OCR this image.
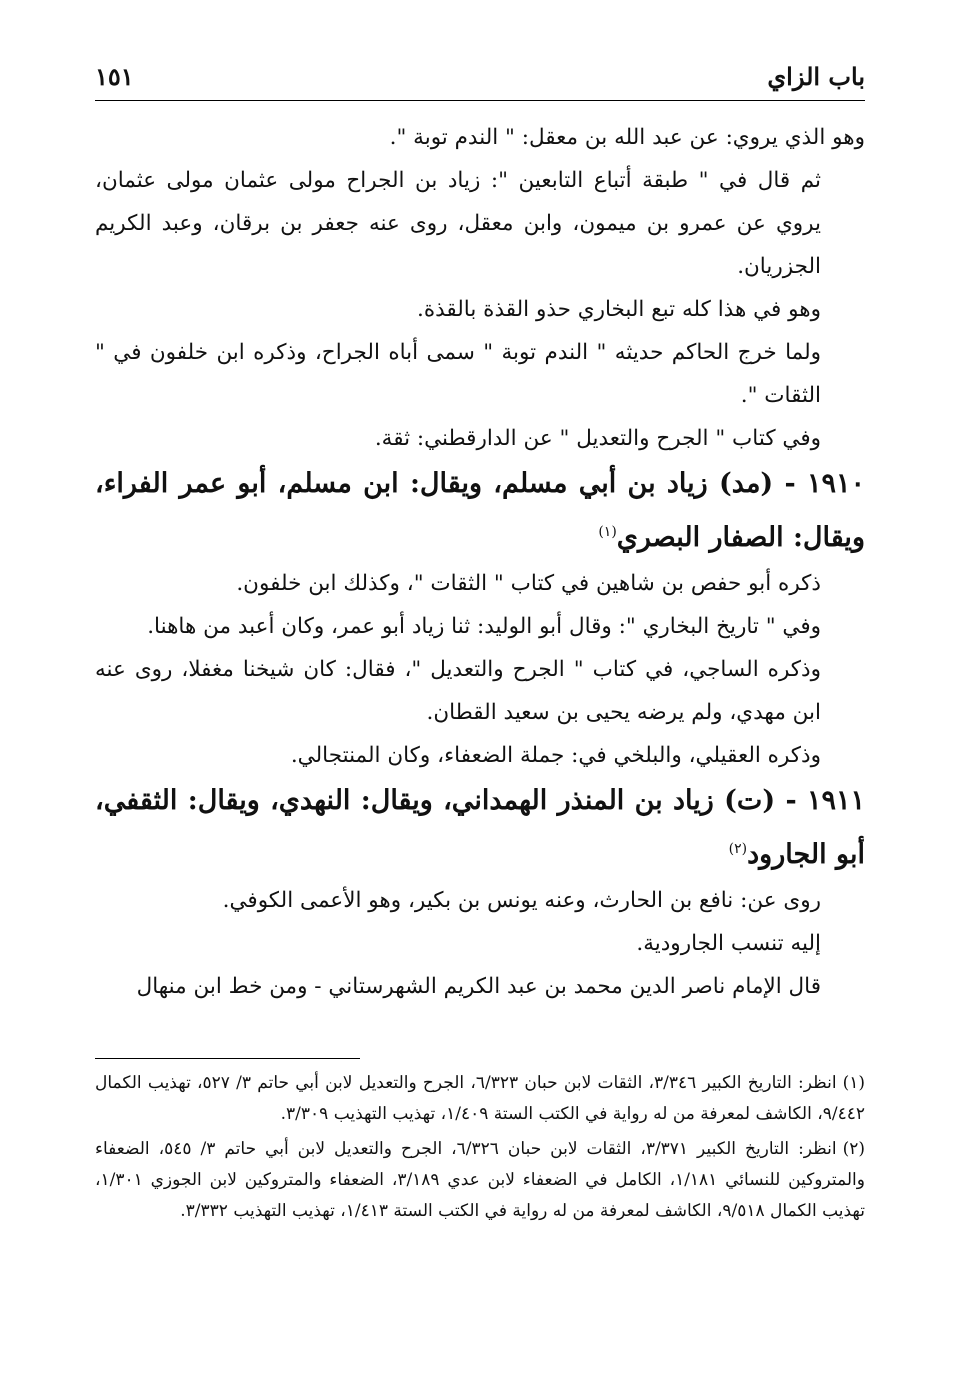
باب الزاي
١٥١

وهو الذي يروي: عن عبد الله بن معقل: " الندم توبة ".

ثم قال في " طبقة أتباع التابعين ": زياد بن الجراح مولى عثمان مولى عثمان، يروي عن عمرو بن ميمون، وابن معقل، روى عنه جعفر بن برقان، وعبد الكريم الجزريان.

وهو في هذا كله تبع البخاري حذو القذة بالقذة.

ولما خرج الحاكم حديثه " الندم توبة " سمى أباه الجراح، وذكره ابن خلفون في " الثقات ".

وفي كتاب " الجرح والتعديل " عن الدارقطني: ثقة.

١٩١٠ - (مد) زياد بن أبي مسلم، ويقال: ابن مسلم، أبو عمر الفراء، ويقال: الصفار البصري$^{(١)}$

ذكره أبو حفص بن شاهين في كتاب " الثقات "، وكذلك ابن خلفون.

وفي " تاريخ البخاري ": وقال أبو الوليد: ثنا زياد أبو عمر، وكان أعبد من هاهنا.

وذكره الساجي، في كتاب " الجرح والتعديل "، فقال: كان شيخنا مغفلا، روى عنه ابن مهدي، ولم يرضه يحيى بن سعيد القطان.

وذكره العقيلي، والبلخي في: جملة الضعفاء، وكان المنتجالي.

١٩١١ - (ت) زياد بن المنذر الهمداني، ويقال: النهدي، ويقال: الثقفي، أبو الجارود$^{(٢)}$

روى عن: نافع بن الحارث، وعنه يونس بن بكير، وهو الأعمى الكوفي.

إليه تنسب الجارودية.

قال الإمام ناصر الدين محمد بن عبد الكريم الشهرستاني - ومن خط ابن منهال

(١)انظر: التاريخ الكبير ٣/٣٤٦، الثقات لابن حبان ٦/٣٢٣، الجرح والتعديل لابن أبي حاتم ٣/ ٥٢٧، تهذيب الكمال ٩/٤٤٢، الكاشف لمعرفة من له رواية في الكتب الستة ١/٤٠٩، تهذيب التهذيب ٣/٣٠٩.

(٢)انظر: التاريخ الكبير ٣/٣٧١، الثقات لابن حبان ٦/٣٢٦، الجرح والتعديل لابن أبي حاتم ٣/ ٥٤٥، الضعفاء والمتروكين للنسائي ١/١٨١، الكامل في الضعفاء لابن عدي ٣/١٨٩، الضعفاء والمتروكين لابن الجوزي ١/٣٠١، تهذيب الكمال ٩/٥١٨، الكاشف لمعرفة من له رواية في الكتب الستة ١/٤١٣، تهذيب التهذيب ٣/٣٣٢.
